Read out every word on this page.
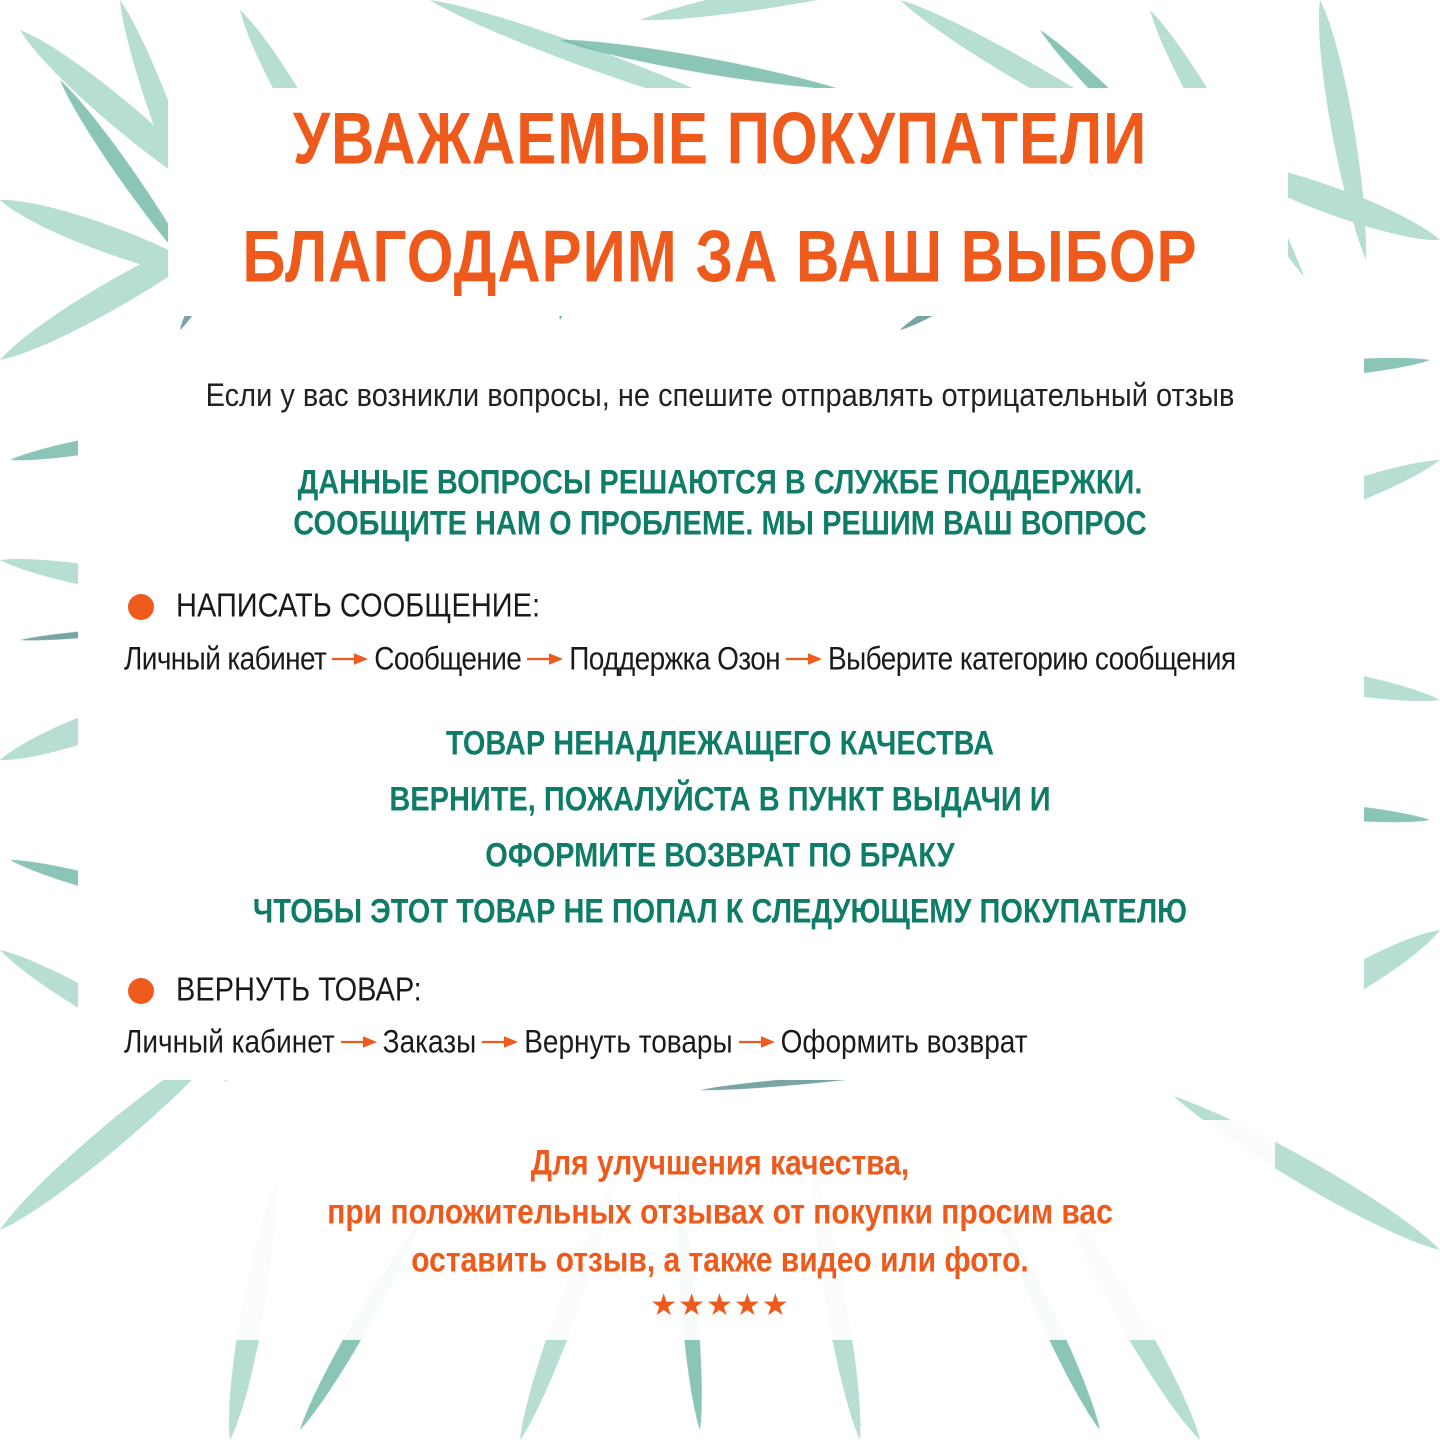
УВАЖАЕМЫЕ ПОКУПАТЕЛИ
БЛАГОДАРИМ ЗА ВАШ ВЫБОР
Если у вас возникли вопросы, не спешите отправлять отрицательный отзыв
ДАННЫЕ ВОПРОСЫ РЕШАЮТСЯ В СЛУЖБЕ ПОДДЕРЖКИ.
СООБЩИТЕ НАМ О ПРОБЛЕМЕ. МЫ РЕШИМ ВАШ ВОПРОС
НАПИСАТЬ СООБЩЕНИЕ:
Личный кабинет Сообщение Поддержка Озон Выберите категорию сообщения
ТОВАР НЕНАДЛЕЖАЩЕГО КАЧЕСТВА
ВЕРНИТЕ, ПОЖАЛУЙСТА В ПУНКТ ВЫДАЧИ И
ОФОРМИТЕ ВОЗВРАТ ПО БРАКУ
ЧТОБЫ ЭТОТ ТОВАР НЕ ПОПАЛ К СЛЕДУЮЩЕМУ ПОКУПАТЕЛЮ
ВЕРНУТЬ ТОВАР:
Личный кабинет Заказы Вернуть товары Оформить возврат
Для улучшения качества,
при положительных отзывах от покупки просим вас
оставить отзыв, а также видео или фото.
★★★★★
